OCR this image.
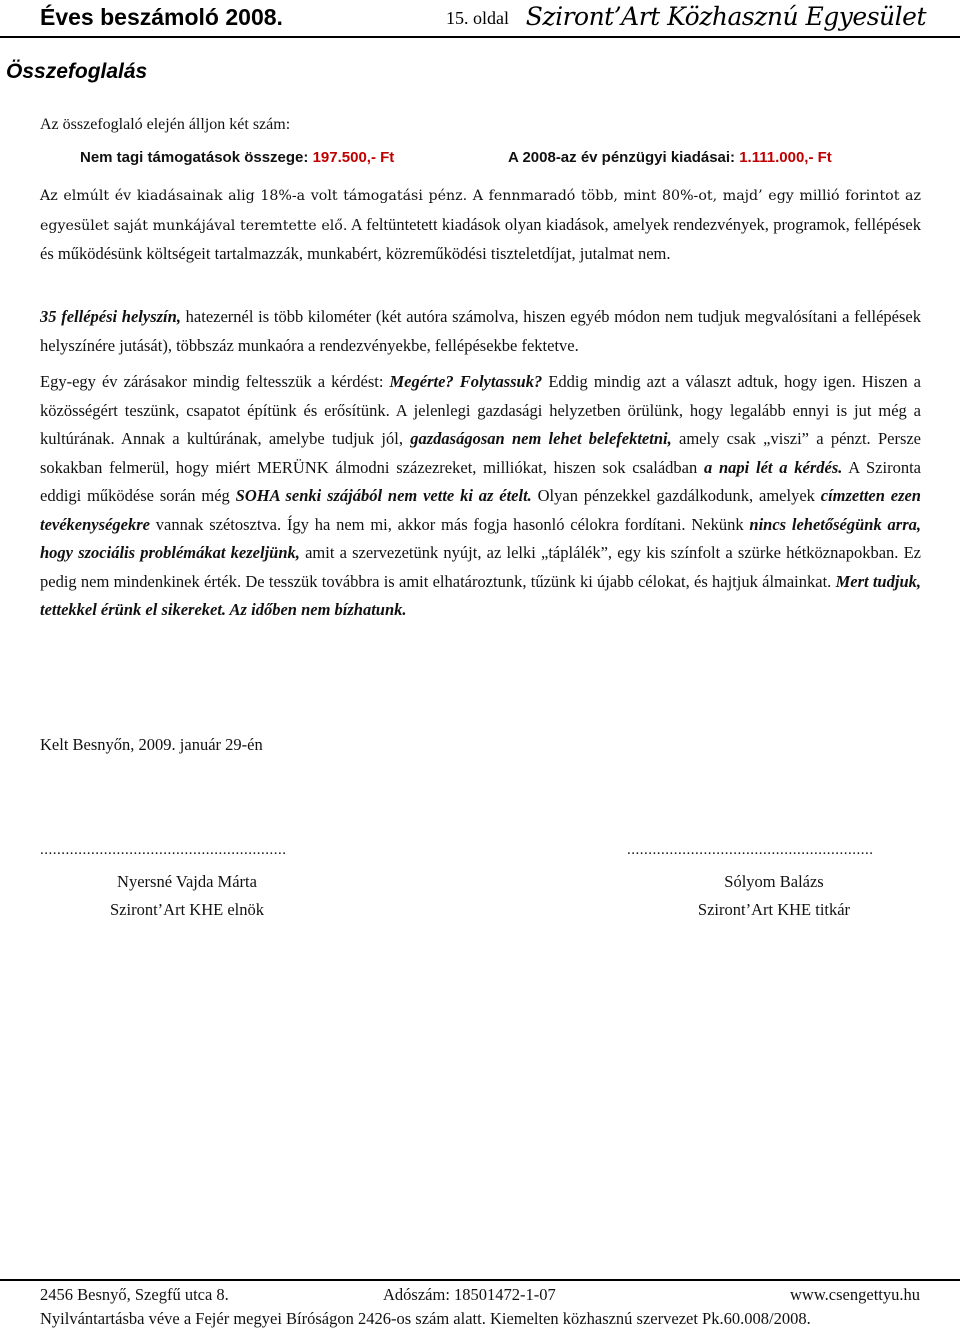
Éves beszámoló 2008.	15. oldal Sziront’Art Közhasznú Egyesület
Összefoglalás
Az összefoglaló elején álljon két szám:
Nem tagi támogatások összege: 197.500,- Ft	A 2008-az év pénzügyi kiadásai: 1.111.000,- Ft

Az elmúlt év kiadásainak alig 18%-a volt támogatási pénz. A fennmaradó több, mint 80%-ot, majd’ egy millió forintot az egyesület saját munkájával teremtette elő. A feltüntetett kiadások olyan kiadások, amelyek rendezvények, programok, fellépések és működésünk költségeit tartalmazzák, munkabért, közreműködési tiszteletdíjat, jutalmat nem.

35 fellépési helyszín, hatezernél is több kilométer (két autóra számolva, hiszen egyéb módon nem tudjuk megvalósítani a fellépések helyszínére jutását), többszáz munkaóra a rendezvényekbe, fellépésekbe fektetve.

Egy-egy év zárásakor mindig feltesszük a kérdést: Megérte? Folytassuk? Eddig mindig azt a választ adtuk, hogy igen. Hiszen a közösségért teszünk, csapatot építünk és erősítünk. A jelenlegi gazdasági helyzetben örülünk, hogy legalább ennyi is jut még a kultúrának. Annak a kultúrának, amelybe tudjuk jól, gazdaságosan nem lehet belefektetni, amely csak „viszi” a pénzt. Persze sokakban felmerül, hogy miért MERÜNK álmodni százezreket, milliókat, hiszen sok családban a napi lét a kérdés. A Szironta eddigi működése során még SOHA senki szájából nem vette ki az ételt. Olyan pénzekkel gazdálkodunk, amelyek címzetten ezen tevékenységekre vannak szétosztva. Így ha nem mi, akkor más fogja hasonló célokra fordítani. Nekünk nincs lehetőségünk arra, hogy szociális problémákat kezeljünk, amit a szervezetünk nyújt, az lelki „táplálék”, egy kis színfolt a szürke hétköznapokban. Ez pedig nem mindenkinek érték. De tesszük továbbra is amit elhatároztunk, tűzünk ki újabb célokat, és hajtjuk álmainkat. Mert tudjuk, tettekkel érünk el sikereket. Az időben nem bízhatunk.

Kelt Besnyőn, 2009. január 29-én
..........................................................	..........................................................
Nyersné Vajda Márta
Sziront’Art KHE elnök
Sólyom Balázs
Sziront’Art KHE titkár
2456 Besnyő, Szegfű utca 8.	Adószám: 18501472-1-07	www.csengettyu.hu
Nyilvántartásba véve a Fejér megyei Bíróságon 2426-os szám alatt. Kiemelten közhasznú szervezet Pk.60.008/2008.
